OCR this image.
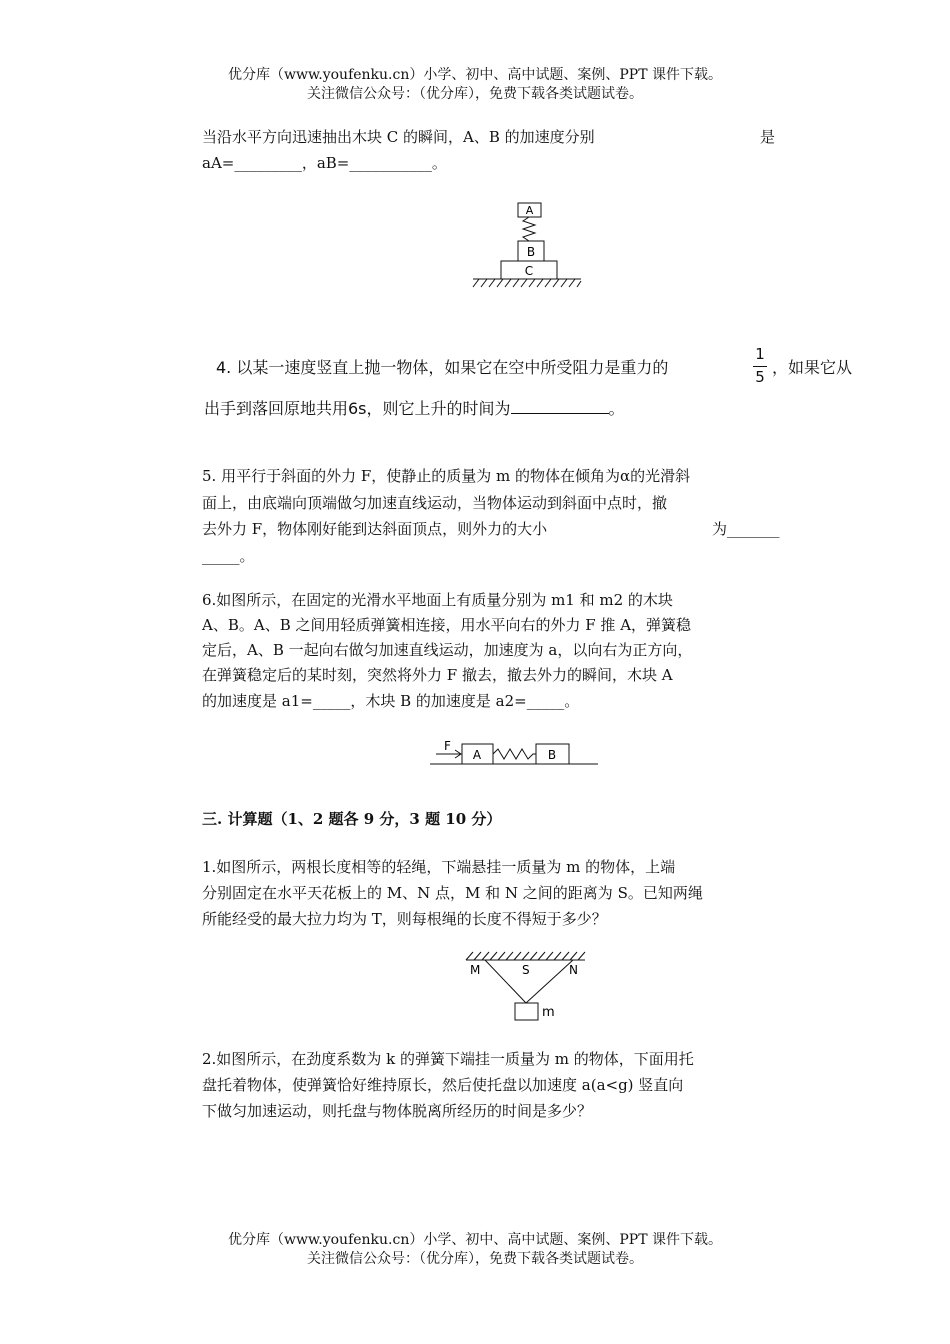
优分库（www.youfenku.cn）小学、初中、高中试题、案例、PPT 课件下载。
关注微信公众号：（优分库），免费下载各类试题试卷。
当沿水平方向迅速抽出木块 C 的瞬间，A、B 的加速度分别	是
aA=_________，aB=___________。
A
B
C
4. 以某一速度竖直上抛一物体，如果它在空中所受阻力是重力的
1
5 ，如果它从
出手到落回原地共用6s，则它上升的时间为	。
5. 用平行于斜面的外力 F，使静止的质量为 m 的物体在倾角为α的光滑斜
面上，由底端向顶端做匀加速直线运动，当物体运动到斜面中点时，撤
去外力 F，物体刚好能到达斜面顶点，则外力的大小	为_______
_____。
6.如图所示，在固定的光滑水平地面上有质量分别为 m1 和 m2 的木块
A、B。A、B 之间用轻质弹簧相连接，用水平向右的外力 F 推 A，弹簧稳
定后，A、B 一起向右做匀加速直线运动，加速度为 a，以向右为正方向，
在弹簧稳定后的某时刻，突然将外力 F 撤去，撤去外力的瞬间，木块 A
的加速度是 a1=_____，木块 B 的加速度是 a2=_____。
F
A	B
三. 计算题（1、2 题各 9 分，3 题 10 分）
1.如图所示，两根长度相等的轻绳，下端悬挂一质量为 m 的物体，上端
分别固定在水平天花板上的 M、N 点，M 和 N 之间的距离为 S。已知两绳
所能经受的最大拉力均为 T，则每根绳的长度不得短于多少？
M	S	N
m
2.如图所示，在劲度系数为 k 的弹簧下端挂一质量为 m 的物体，下面用托
盘托着物体，使弹簧恰好维持原长，然后使托盘以加速度 a(a<g) 竖直向
下做匀加速运动，则托盘与物体脱离所经历的时间是多少？
优分库（www.youfenku.cn）小学、初中、高中试题、案例、PPT 课件下载。
关注微信公众号：（优分库），免费下载各类试题试卷。
